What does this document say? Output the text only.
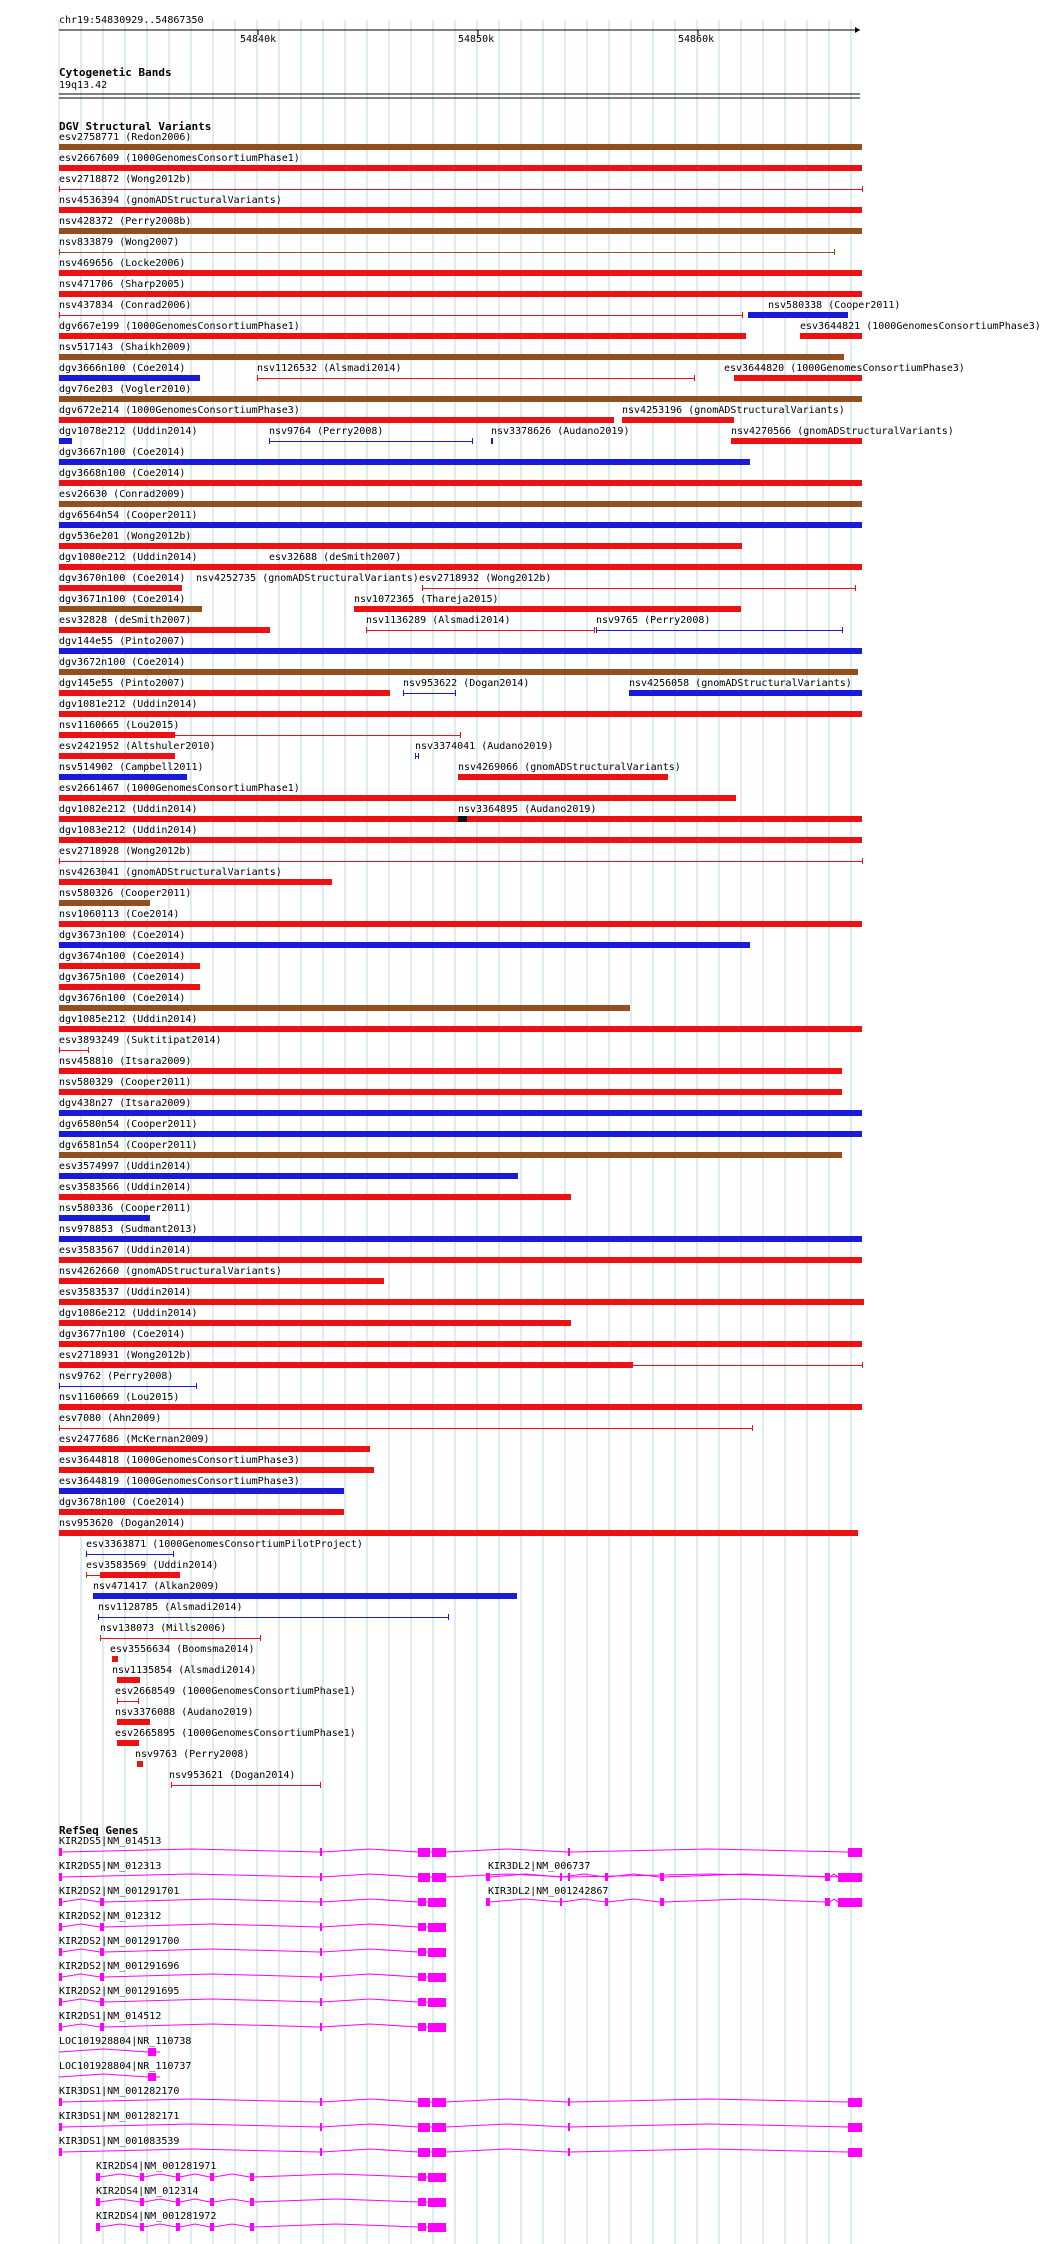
chr19:54830929..54867350
54840k	54850k	54860k
Cytogenetic Bands
19q13.42
DGV Structural Variants
esv2758771 (Redon2006)
esv2667609 (1000GenomesConsortiumPhase1)
esv2718872 (Wong2012b)
nsv4536394 (gnomADStructuralVariants)
nsv428372 (Perry2008b)
nsv833879 (Wong2007)
nsv469656 (Locke2006)
nsv471706 (Sharp2005)
nsv437834 (Conrad2006)	nsv580338 (Cooper2011)
dgv667e199 (1000GenomesConsortiumPhase1)	esv3644821 (1000GenomesConsortiumPhase3)
nsv517143 (Shaikh2009)
dgv3666n100 (Coe2014)	nsv1126532 (Alsmadi2014)	esv3644820 (1000GenomesConsortiumPhase3)
dgv76e203 (Vogler2010)
dgv672e214 (1000GenomesConsortiumPhase3)	nsv4253196 (gnomADStructuralVariants)
dgv1078e212 (Uddin2014)	nsv9764 (Perry2008)	nsv3378626 (Audano2019)	nsv4270566 (gnomADStructuralVariants)
dgv3667n100 (Coe2014)
dgv3668n100 (Coe2014)
esv26630 (Conrad2009)
dgv6564n54 (Cooper2011)
dgv536e201 (Wong2012b)
dgv1080e212 (Uddin2014)	esv32688 (deSmith2007)
dgv3670n100 (Coe2014) nsv4252735 (gnomADStructuralVariants) esv2718932 (Wong2012b)
dgv3671n100 (Coe2014)	nsv1072365 (Thareja2015)
esv32828 (deSmith2007)	nsv1136289 (Alsmadi2014)	nsv9765 (Perry2008)
dgv144e55 (Pinto2007)
dgv3672n100 (Coe2014)
dgv145e55 (Pinto2007)	nsv953622 (Dogan2014)	nsv4256058 (gnomADStructuralVariants)
dgv1081e212 (Uddin2014)
nsv1160665 (Lou2015)
esv2421952 (Altshuler2010)	nsv3374041 (Audano2019)
nsv514902 (Campbell2011)	nsv4269066 (gnomADStructuralVariants)
esv2661467 (1000GenomesConsortiumPhase1)
dgv1082e212 (Uddin2014)	nsv3364895 (Audano2019)
dgv1083e212 (Uddin2014)
esv2718928 (Wong2012b)
nsv4263041 (gnomADStructuralVariants)
nsv580326 (Cooper2011)
nsv1060113 (Coe2014)
dgv3673n100 (Coe2014)
dgv3674n100 (Coe2014)
dgv3675n100 (Coe2014)
dgv3676n100 (Coe2014)
dgv1085e212 (Uddin2014)
esv3893249 (Suktitipat2014)
nsv458810 (Itsara2009)
nsv580329 (Cooper2011)
dgv438n27 (Itsara2009)
dgv6580n54 (Cooper2011)
dgv6581n54 (Cooper2011)
esv3574997 (Uddin2014)
esv3583566 (Uddin2014)
nsv580336 (Cooper2011)
nsv978853 (Sudmant2013)
esv3583567 (Uddin2014)
nsv4262660 (gnomADStructuralVariants)
esv3583537 (Uddin2014)
dgv1086e212 (Uddin2014)
dgv3677n100 (Coe2014)
esv2718931 (Wong2012b)
nsv9762 (Perry2008)
nsv1160669 (Lou2015)
esv7080 (Ahn2009)
esv2477686 (McKernan2009)
esv3644818 (1000GenomesConsortiumPhase3)
esv3644819 (1000GenomesConsortiumPhase3)
dgv3678n100 (Coe2014)
nsv953620 (Dogan2014)
esv3363871 (1000GenomesConsortiumPilotProject)
esv3583569 (Uddin2014)
nsv471417 (Alkan2009)
nsv1128785 (Alsmadi2014)
nsv138073 (Mills2006)
esv3556634 (Boomsma2014)
nsv1135854 (Alsmadi2014)
esv2668549 (1000GenomesConsortiumPhase1)
nsv3376088 (Audano2019)
esv2665895 (1000GenomesConsortiumPhase1)
nsv9763 (Perry2008)
nsv953621 (Dogan2014)
RefSeq Genes
KIR2DS5|NM_014513
KIR2DS5|NM_012313	KIR3DL2|NM_006737
KIR2DS2|NM_001291701	KIR3DL2|NM_001242867
KIR2DS2|NM_012312
KIR2DS2|NM_001291700
KIR2DS2|NM_001291696
KIR2DS2|NM_001291695
KIR2DS1|NM_014512
LOC101928804|NR_110738
LOC101928804|NR_110737
KIR3DS1|NM_001282170
KIR3DS1|NM_001282171
KIR3DS1|NM_001083539
KIR2DS4|NM_001281971
KIR2DS4|NM_012314
KIR2DS4|NM_001281972
